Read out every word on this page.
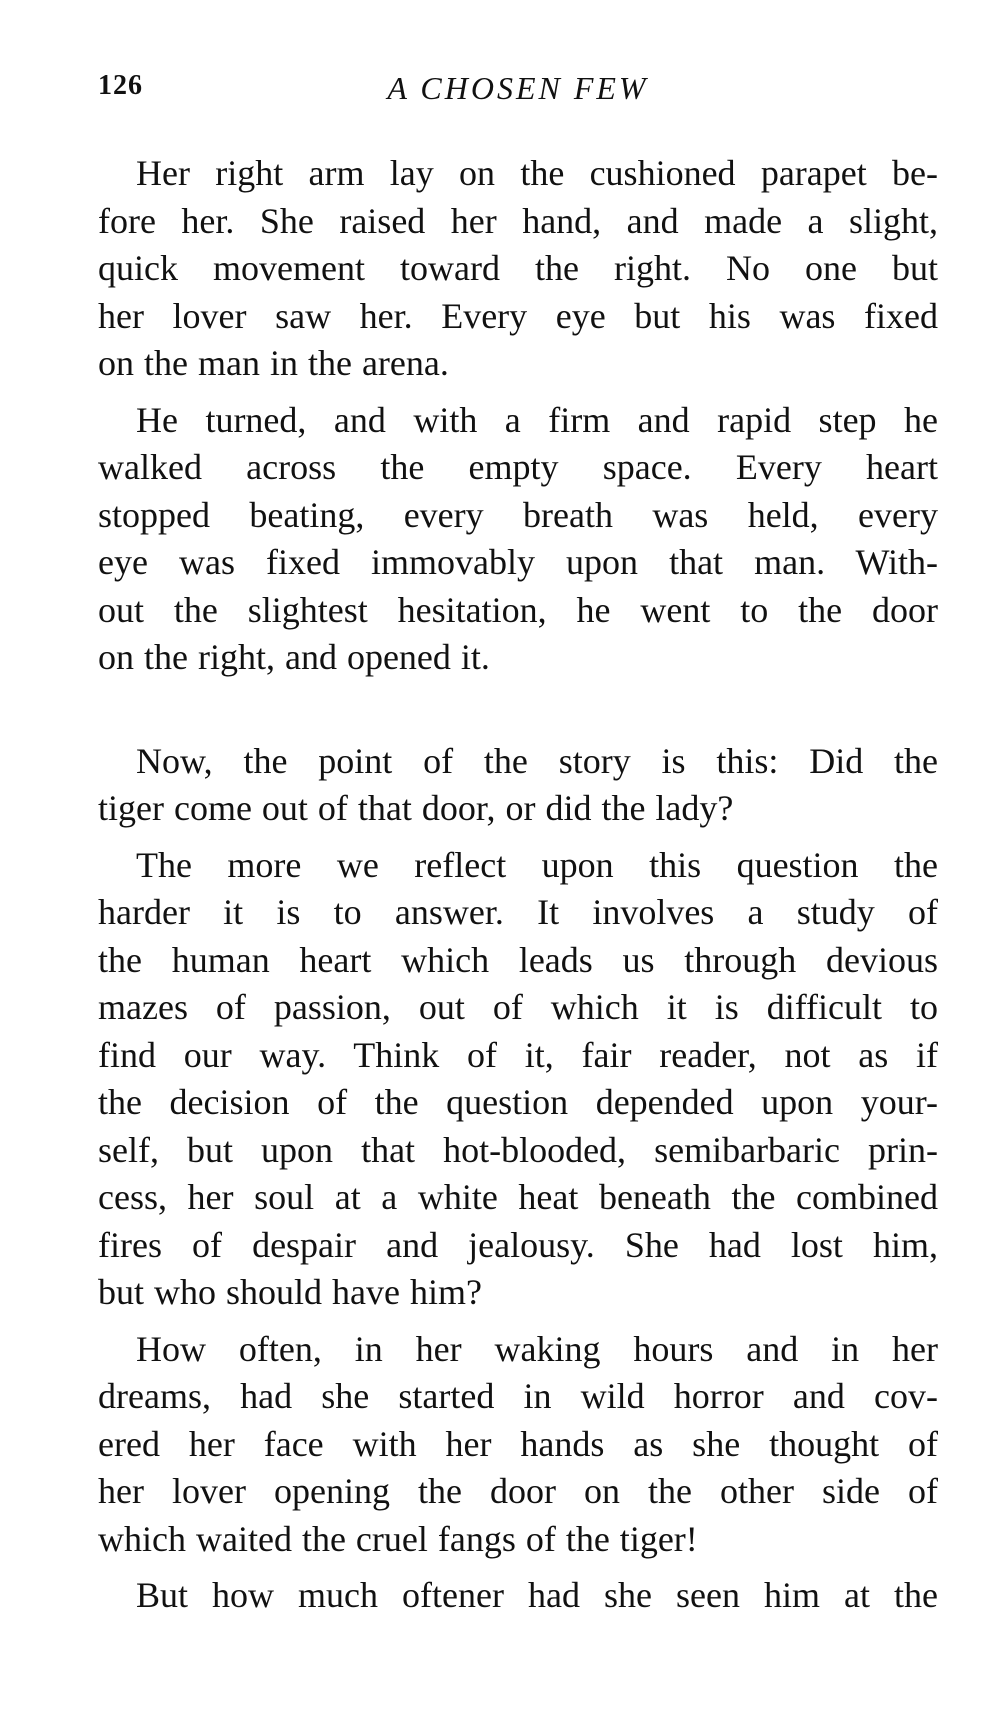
126	A CHOSEN FEW

Her right arm lay on the cushioned parapet be-
fore her. She raised her hand, and made a slight,
quick movement toward the right. No one but
her lover saw her. Every eye but his was fixed
on the man in the arena.

He turned, and with a firm and rapid step he
walked across the empty space. Every heart
stopped beating, every breath was held, every
eye was fixed immovably upon that man. With-
out the slightest hesitation, he went to the door
on the right, and opened it.

Now, the point of the story is this: Did the
tiger come out of that door, or did the lady?

The more we reflect upon this question the
harder it is to answer. It involves a study of
the human heart which leads us through devious
mazes of passion, out of which it is difficult to
find our way. Think of it, fair reader, not as if
the decision of the question depended upon your-
self, but upon that hot-blooded, semibarbaric prin-
cess, her soul at a white heat beneath the combined
fires of despair and jealousy. She had lost him,
but who should have him?

How often, in her waking hours and in her
dreams, had she started in wild horror and cov-
ered her face with her hands as she thought of
her lover opening the door on the other side of
which waited the cruel fangs of the tiger!

But how much oftener had she seen him at the
